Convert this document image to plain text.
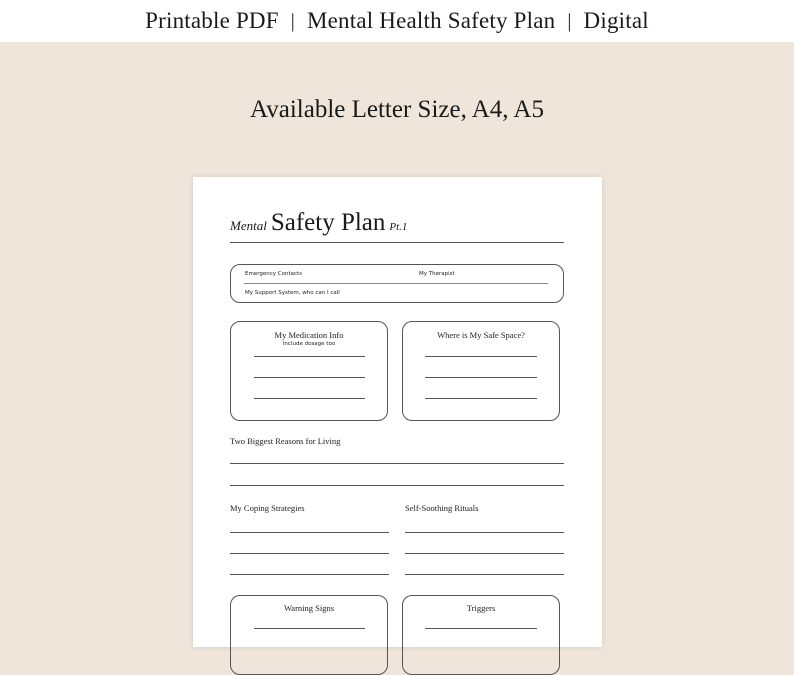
Printable PDF | Mental Health Safety Plan | Digital
Available Letter Size, A4, A5
Mental Safety Plan Pt.1
Emergency Contacts	My Therapist
My Support System, who can I call
My Medication Info
Include dosage too
Where is My Safe Space?
Two Biggest Reasons for Living
My Coping Strategies	Self-Soothing Rituals
Warning Signs	Triggers
